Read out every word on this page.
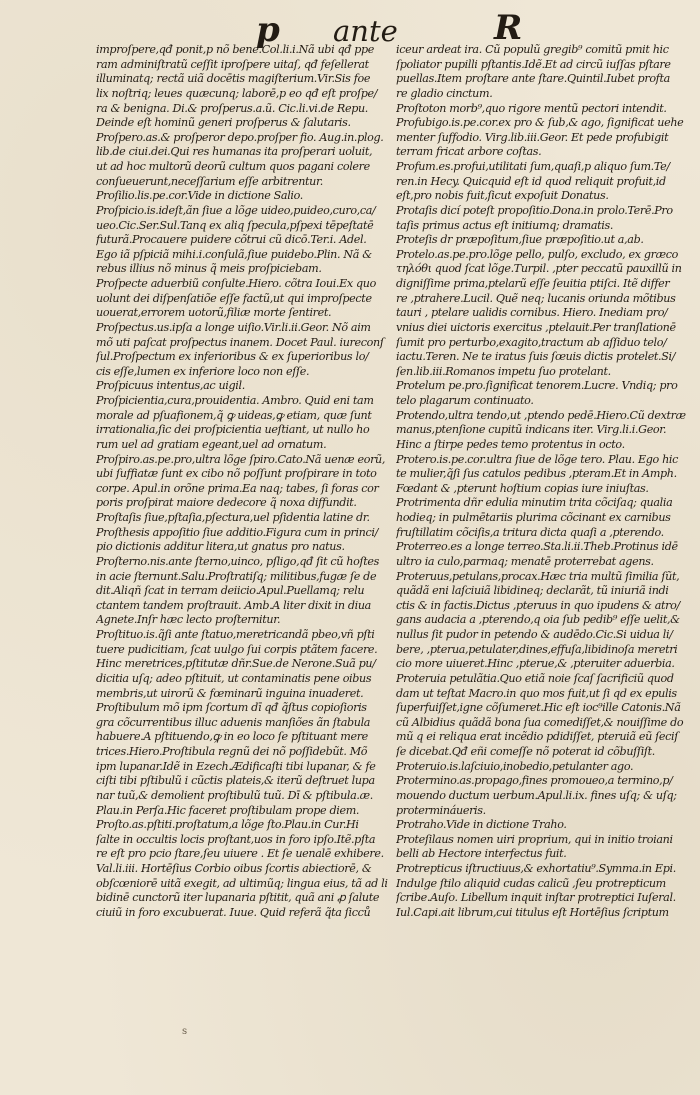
p ante	R
improſpere,qđ ponit,p nõ bene.Col.li.i.Nã ubi qđ ppe
ram adminiſtratũ ceſſit iproſpere uitaſ, qđ feſellerat
illuminatq; rectã uiã docētis magiſterium.Vir.Sis foe
lix noſtriq; leues quæcunq; laborē,p eo qđ eſt proſpe/
ra & benigna. Di.& proſperus.a.ũ. Cic.li.vi.de Repu.
Deinde eſt hominũ generi proſperus & ſalutaris.
Proſpero.as.& proſperor depo.proſper fio. Aug.in.plog.
lib.de ciui.dei.Qui res humanas ita proſperari uoluit,
ut ad hoc multorũ deorũ cultum quos pagani colere
conſueuerunt,neceſſarium eſſe arbitrentur.
Proſilio.lis.pe.cor.Vide in dictione Salio.
Proſpicio.is.ideſt,ãn ſiue a lõge uideo,puideo,curo,ca/
ueo.Cic.Ser.Sul.Tanq ex aliq ſpecula,pſpexi tēpeſtatē
futurã.Procauere puidere cõtrui cũ dicō.Ter.i. Adel.
Ego iã pſpiciã mihi.i.conſulã,ſiue puidebo.Plin. Nã &
rebus illius nõ minus q̃ meis proſpiciebam.
Proſpecte aduerbiũ conſulte.Hiero. cõtra Ioui.Ex quo
uolunt dei diſpenſatiõe eſſe factũ,ut qui improſpecte
uouerat,errorem uotorũ,filiæ morte ſentiret.
Proſpectus.us.ipſa a longe uiſio.Vir.li.ii.Geor. Nõ aim
mõ uti paſcat proſpectus inanem. Docet Paul. iureconſ
ſul.Proſpectum ex inferioribus & ex ſuperioribus lo/
cis eſſe,lumen ex inferiore loco non eſſe.
Proſpicuus intentus,ac uigil.
Proſpicientia,cura,prouidentia. Ambro. Quid eni tam
morale ad pſuafionem,q̃ ꝙ uideas,ꝙ etiam, quæ ſunt
irrationalia,ſic dei proſpicientia ueſtiant, ut nullo ho
rum uel ad gratiam egeant,uel ad ornatum.
Proſpiro.as.pe.pro,ultra lõge ſpiro.Cato.Nã uenæ eorũ,
ubi ſuffiatæ ſunt ex cibo nõ poſſunt proſpirare in toto
corpe. Apul.in orõne prima.Ea naq; tabes, ſi foras cor
poris proſpirat maiore dedecore q̃ noxa diffundit.
Proſtaſis ſiue,pſtaſia,pſectura,uel pſidentia latine dr.
Proſthesis appoſitio ſiue additio.Figura cum in princi/
pio dictionis additur litera,ut gnatus pro natus.
Proſterno.nis.ante ſterno,uinco, pſligo,qđ ſit cũ hoſtes
in acie ſternunt.Salu.Proſtratiſq; militibus,fugæ ſe de
dit.Aliqñ ſcat in terram deiicio.Apul.Puellamq; relu
ctantem tandem proſtrauit. Amb.A liter dixit in diua
Agnete.Inſr hæc lecto proſternitur.
Proſtituo.is.q̃ſi ante ſtatuo,meretricandã pbeo,vñ pſti
tuere pudicitiam, ſcat uulgo ſui corpis ptãtem facere.
Hinc meretrices,pſtitutæ dñr.Sue.de Nerone.Suã pu/
dicitia uſq; adeo pſtituit, ut contaminatis pene oibus
membris,ut uirorũ & fœminarũ inguina inuaderet.
Proſtibulum mõ ipm ſcortum dī qđ q̃ſtus copioſioris
gra cõcurrentibus illuc aduenis manſiões ãn ſtabula
habuere.A pſtituendo,ꝙ in eo loco ſe pſtituant mere
trices.Hiero.Proſtibula regnũ dei nõ poſſidebũt. Mõ
ipm lupanar.Idẽ in Ezech.Ædificaſti tibi lupanar, & fe
ciſti tibi pſtibulũ i cũctis plateis,& iterũ deſtruet lupa
nar tuũ,& demolient proſtibulũ tuũ. Dī & pſtibula.æ.
Plau.in Perſa.Hic faceret proſtibulam prope diem.
Proſto.as.pſtiti.proſtatum,a lõge ſto.Plau.in Cur.Hi
ſalte in occultis locis proſtant,uos in foro ipſo.Itẽ.pſta
re eſt pro pcio ſtare,ſeu uiuere . Et ſe uenalē exhibere.
Val.li.iii. Hortēſius Corbio oibus ſcortis abiectiorē, &
obſcœniorē uitã exegit, ad ultimũq; lingua eius, tã ad li
bidinē cunctorũ iter lupanaria pſtitit, quã ani ꝓ ſalute
ciuiũ in foro excubuerat. Iuue. Quid referã q̃ta ſicců
iceur ardeat ira. Cũ populũ gregib⁹ comitũ pmit hic
ſpoliator pupilli pſtantis.Idẽ.Et ad circũ iuſſas pſtare
puellas.Item proſtare ante ſtare.Quintil.Iubet profta
re gladio cinctum.
Proſtoton morb⁹,quo rigore mentũ pectori intendit.
Profubigo.is.pe.cor.ex pro & ſub,& ago, ſignificat uehe
menter ſuffodio. Virg.lib.iii.Geor. Et pede profubigit
terram fricat arbore coſtas.
Profum.es.profui,utilitati ſum,quaſi,p aliquo ſum.Te/
ren.in Hecy. Quicquid eſt id quod reliquit profuit,id
eſt,pro nobis fuit,ſicut expoſuit Donatus.
Protaſis dicí poteſt propoſitio.Dona.in prolo.Terē.Pro
taſis primus actus eſt initiumq; dramatis.
Proteſis dr præpoſitum,ſiue præpoſitio.ut a,ab.
Protelo.as.pe.pro.lõge pello, pulſo, excludo, ex græco
τηλόθι quod ſcat lõge.Turpil. ,pter peccatũ pauxillũ in
digniſſime prima,ptelarũ eſſe ſeuitia ptiſci. Itẽ differ
re ,ptrahere.Lucil. Quẽ neq; lucanis oriunda mõtibus
tauri , ptelare ualidis cornibus. Hiero. Inediam pro/
vnius diei uictoris exercitus ,ptelauit.Per tranſlationē
ſumit pro perturbo,exagito,tractum ab aſſiduo telo/
iactu.Teren. Ne te iratus ſuis ſœuis dictis protelet.Si/
ſen.lib.iii.Romanos impetu ſuo protelant.
Protelum pe.pro.ſignificat tenorem.Lucre. Vndiq; pro
telo plagarum continuato.
Protendo,ultra tendo,ut ,ptendo pedē.Hiero.Cũ dextræ
manus,ptenſione cupitũ indicans iter. Virg.li.i.Geor.
Hinc a ſtirpe pedes temo protentus in octo.
Protero.is.pe.cor.ultra ſiue de lõge tero. Plau. Ego hic
te mulier,q̃ſi ſus catulos pedibus ,pteram.Et in Amph.
Fœdant & ,pterunt hoſtium copias iure iniuſtas.
Protrimenta dñr edulia minutim trita cõciſaq; qualia
hodieq; in pulmētariis plurima cõcinant ex carnibus
fruſtillatim cõciſis,a tritura dicta quaſi a ,pterendo.
Proterreo.es a longe terreo.Sta.li.ii.Theb.Protinus idē
ultro ia culo,parmaq; menatē proterrebat agens.
Proteruus,petulans,procax.Hæc tria multũ ſimilia ſũt,
quãdã eni laſciuiã libidineq; declarãt, tũ iniuriã indi
ctis & in factis.Dictus ,pteruus in quo ipudens & atro/
gans audacia a ,pterendo,q oia ſub pedib⁹ eſſe uelit,&
nullus ſit pudor in petendo & audēdo.Cic.Si uidua li/
bere, ,pterua,petulater,dines,effuſa,libidinoſa meretri
cio more uiueret.Hinc ,pterue,& ,pteruiter aduerbia.
Proteruia petulãtia.Quo etiã noie ſcaſ ſacrificiũ quod
dam ut teſtat Macro.in quo mos fuit,ut ſi qd ex epulis
ſuperfuiſſet,igne cõſumeret.Hic eſt ioc⁹ille Catonis.Nã
cũ Albidius quãdã bona ſua comediſſet,& nouiſſime do
mũ q ei reliqua erat incẽdio pdidiſſet, pteruiã eũ ſeciſ
ſe dicebat.Qđ eñi comeſſe nõ poterat id cõbuſſiſt.
Proteruio.is.laſciuio,inobedio,petulanter ago.
Protermino.as.propago,fines promoueo,a termino,p/
mouendo ductum uerbum.Apul.li.ix. fines uſq; & uſq;
protermináueris.
Protraho.Vide in dictione Traho.
Proteſilaus nomen uiri proprium, qui in initio troiani
belli ab Hectore interfectus fuit.
Protrepticus iſtructiuus,& exhortatiu⁹.Symma.in Epi.
Indulge ſtilo aliquid cudas calicũ ,ſeu protrepticum
ſcribe.Auſo. Libellum inquit inſtar protreptici Iuſeral.
Iul.Capi.ait librum,cui titulus eſt Hortēſius ſcriptum
s
